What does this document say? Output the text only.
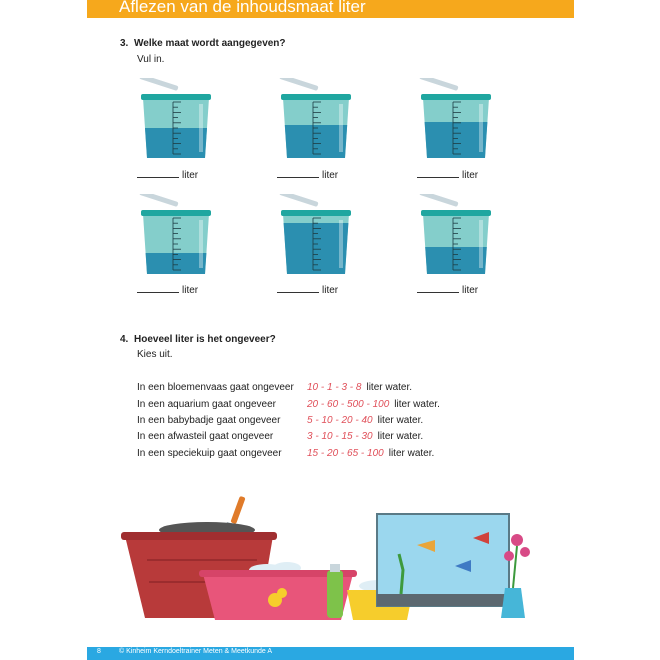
Aflezen van de inhoudsmaat liter
3. Welke maat wordt aangegeven?
Vul in.
liter	liter	liter
liter	liter	liter
4. Hoeveel liter is het ongeveer?
Kies uit.
In een bloemenvaas gaat ongeveer 10 - 1 - 3 - 8 liter water.
In een aquarium gaat ongeveer	20 - 60 - 500 - 100 liter water.
In een babybadje gaat ongeveer	5 - 10 - 20 - 40 liter water.
In een afwasteil gaat ongeveer	3 - 10 - 15 - 30 liter water.
In een speciekuip gaat ongeveer	15 - 20 - 65 - 100 liter water.
8	© Kinheim Kerndoeltrainer Meten & Meetkunde A
